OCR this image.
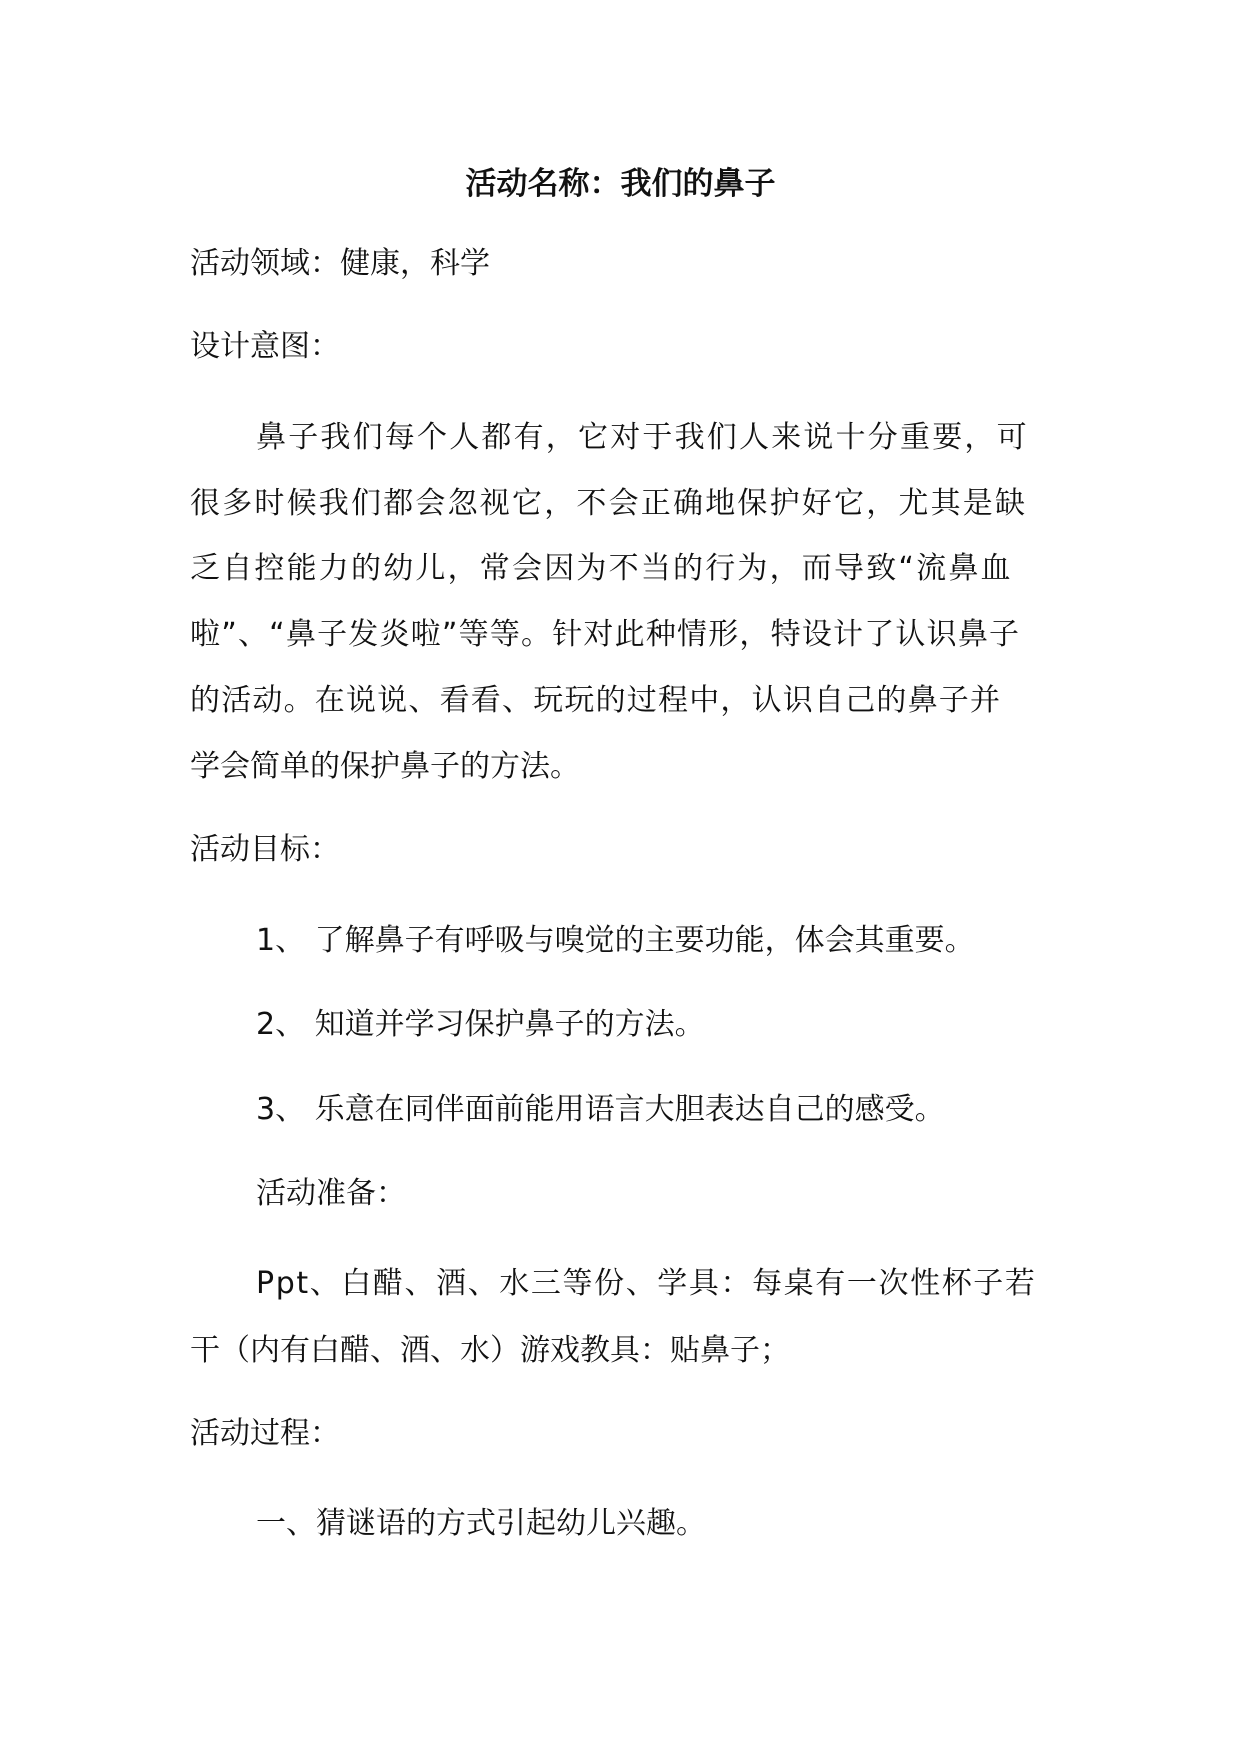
活动名称：我们的鼻子
活动领域：健康，科学
设计意图：
鼻子我们每个人都有，它对于我们人来说十分重要，可
很多时候我们都会忽视它，不会正确地保护好它，尤其是缺
乏自控能力的幼儿，常会因为不当的行为，而导致“流鼻血
啦”、“鼻子发炎啦”等等。针对此种情形，特设计了认识鼻子
的活动。在说说、看看、玩玩的过程中，认识自己的鼻子并
学会简单的保护鼻子的方法。
活动目标：
1、 了解鼻子有呼吸与嗅觉的主要功能，体会其重要。
2、 知道并学习保护鼻子的方法。
3、 乐意在同伴面前能用语言大胆表达自己的感受。
活动准备：
Ppt、白醋、酒、水三等份、学具：每桌有一次性杯子若
干（内有白醋、酒、水）游戏教具：贴鼻子；
活动过程：
一、猜谜语的方式引起幼儿兴趣。
